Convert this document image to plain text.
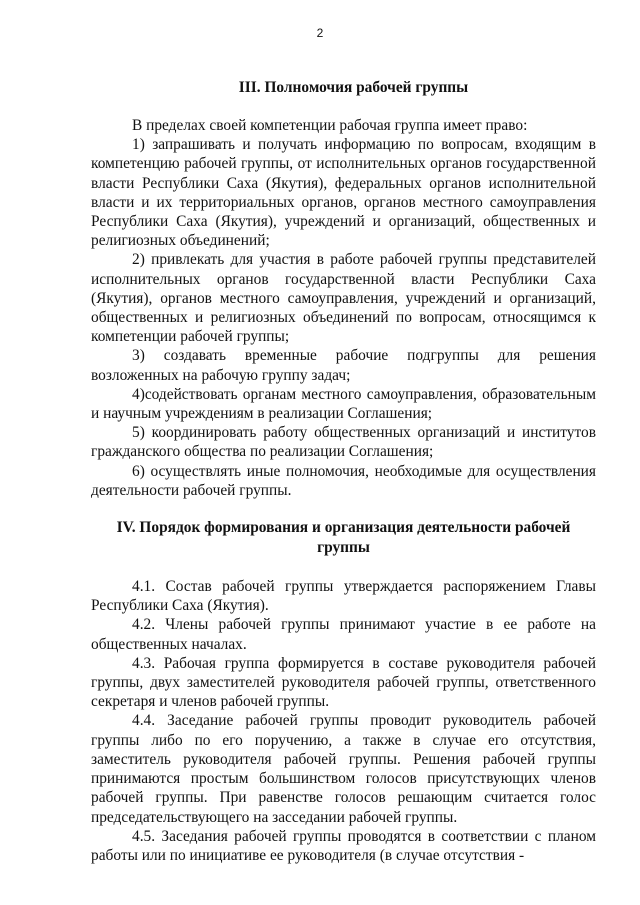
2

III. Полномочия рабочей группы

В пределах своей компетенции рабочая группа имеет право:

1) запрашивать и получать информацию по вопросам, входящим в компетенцию рабочей группы, от исполнительных органов государственной власти Республики Саха (Якутия), федеральных органов исполнительной власти и их территориальных органов, органов местного самоуправления Республики Саха (Якутия), учреждений и организаций, общественных и религиозных объединений;

2) привлекать для участия в работе рабочей группы представителей исполнительных органов государственной власти Республики Саха (Якутия), органов местного самоуправления, учреждений и организаций, общественных и религиозных объединений по вопросам, относящимся к компетенции рабочей группы;

3) создавать временные рабочие подгруппы для решения возложенных на рабочую группу задач;

4)содействовать органам местного самоуправления, образовательным и научным учреждениям в реализации Соглашения;

5) координировать работу общественных организаций и институтов гражданского общества по реализации Соглашения;

6) осуществлять иные полномочия, необходимые для осуществления деятельности рабочей группы.

IV. Порядок формирования и организация деятельности рабочей группы

4.1. Состав рабочей группы утверждается распоряжением Главы Республики Саха (Якутия).

4.2. Члены рабочей группы принимают участие в ее работе на общественных началах.

4.3. Рабочая группа формируется в составе руководителя рабочей группы, двух заместителей руководителя рабочей группы, ответственного секретаря и членов рабочей группы.

4.4. Заседание рабочей группы проводит руководитель рабочей группы либо по его поручению, а также в случае его отсутствия, заместитель руководителя рабочей группы. Решения рабочей группы принимаются простым большинством голосов присутствующих членов рабочей группы. При равенстве голосов решающим считается голос председательствующего на засседании рабочей группы.

4.5. Заседания рабочей группы проводятся в соответствии с планом работы или по инициативе ее руководителя (в случае отсутствия -
